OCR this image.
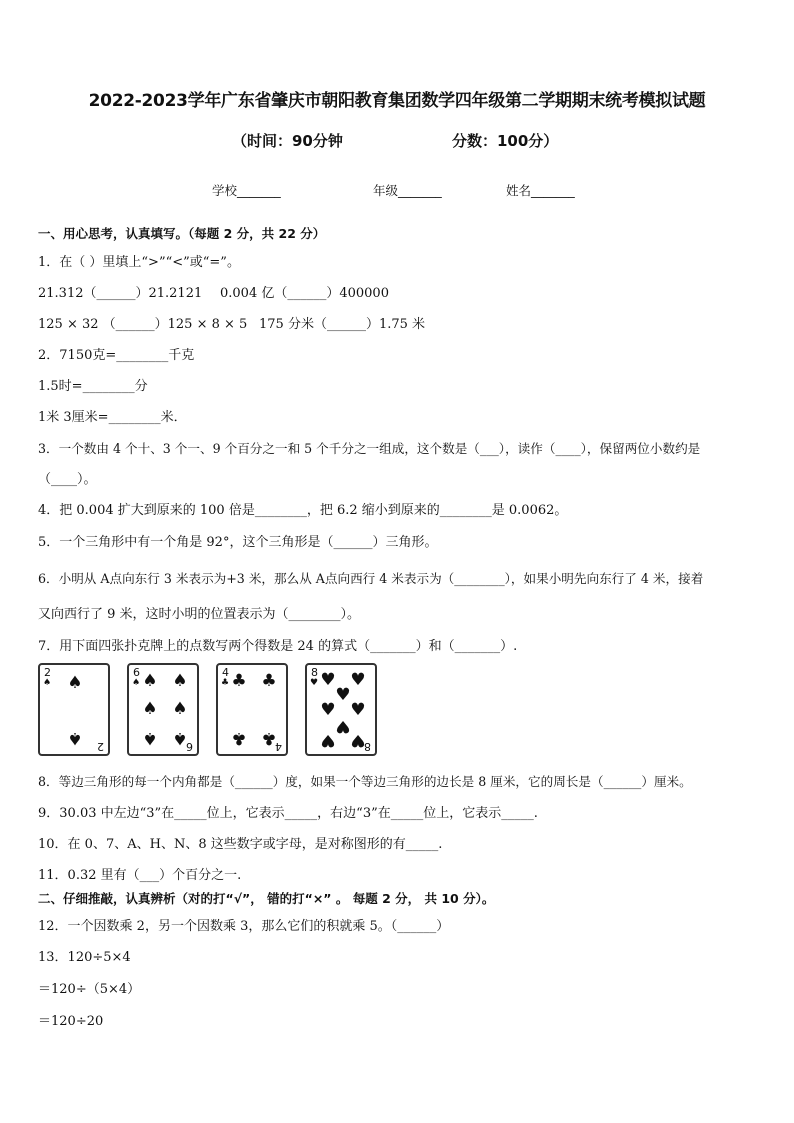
2022-2023学年广东省肇庆市朝阳教育集团数学四年级第二学期期末统考模拟试题
（时间：90分钟	分数：100分）
学校_______	年级_______	姓名_______
一、用心思考，认真填写。（每题 2 分，共 22 分）
1．在（ ）里填上“>”“<”或“=”。
21.312（______）21.2121 0.004 亿（______）400000
125 × 32 （______）125 × 8 × 5 175 分米（______）1.75 米
2．7150克=________千克
1.5时=________分
1米 3厘米=________米．
3．一个数由 4 个十、3 个一、9 个百分之一和 5 个千分之一组成，这个数是（___），读作（____），保留两位小数约是
（____）。
4．把 0.004 扩大到原来的 100 倍是________，把 6.2 缩小到原来的________是 0.0062。
5．一个三角形中有一个角是 92°，这个三角形是（______）三角形。
6．小明从 A点向东行 3 米表示为+3 米，那么从 A点向西行 4 米表示为（________），如果小明先向东行了 4 米，接着
又向西行了 9 米，这时小明的位置表示为（________）。
7．用下面四张扑克牌上的点数写两个得数是 24 的算式（_______）和（_______）.
2
♠ ♠
♠ 2
6
♠ ♠ ♠
♠ ♠
♠ ♠
6
4
♣ ♣ ♣
♣ ♣
4
8
♥ ♥ ♥
♥
♥ ♥
♥
♥ ♥
8
8．等边三角形的每一个内角都是（______）度，如果一个等边三角形的边长是 8 厘米，它的周长是（______）厘米。
9．30.03 中左边“3”在_____位上，它表示_____，右边“3”在_____位上，它表示_____.
10．在 0、7、A、H、N、8 这些数字或字母，是对称图形的有_____.
11．0.32 里有（___）个百分之一.
二、仔细推敲，认真辨析（对的打“√”， 错的打“×” 。 每题 2 分， 共 10 分）。
12．一个因数乘 2，另一个因数乘 3，那么它们的积就乘 5。（______）
13．120÷5×4
＝120÷（5×4）
＝120÷20
